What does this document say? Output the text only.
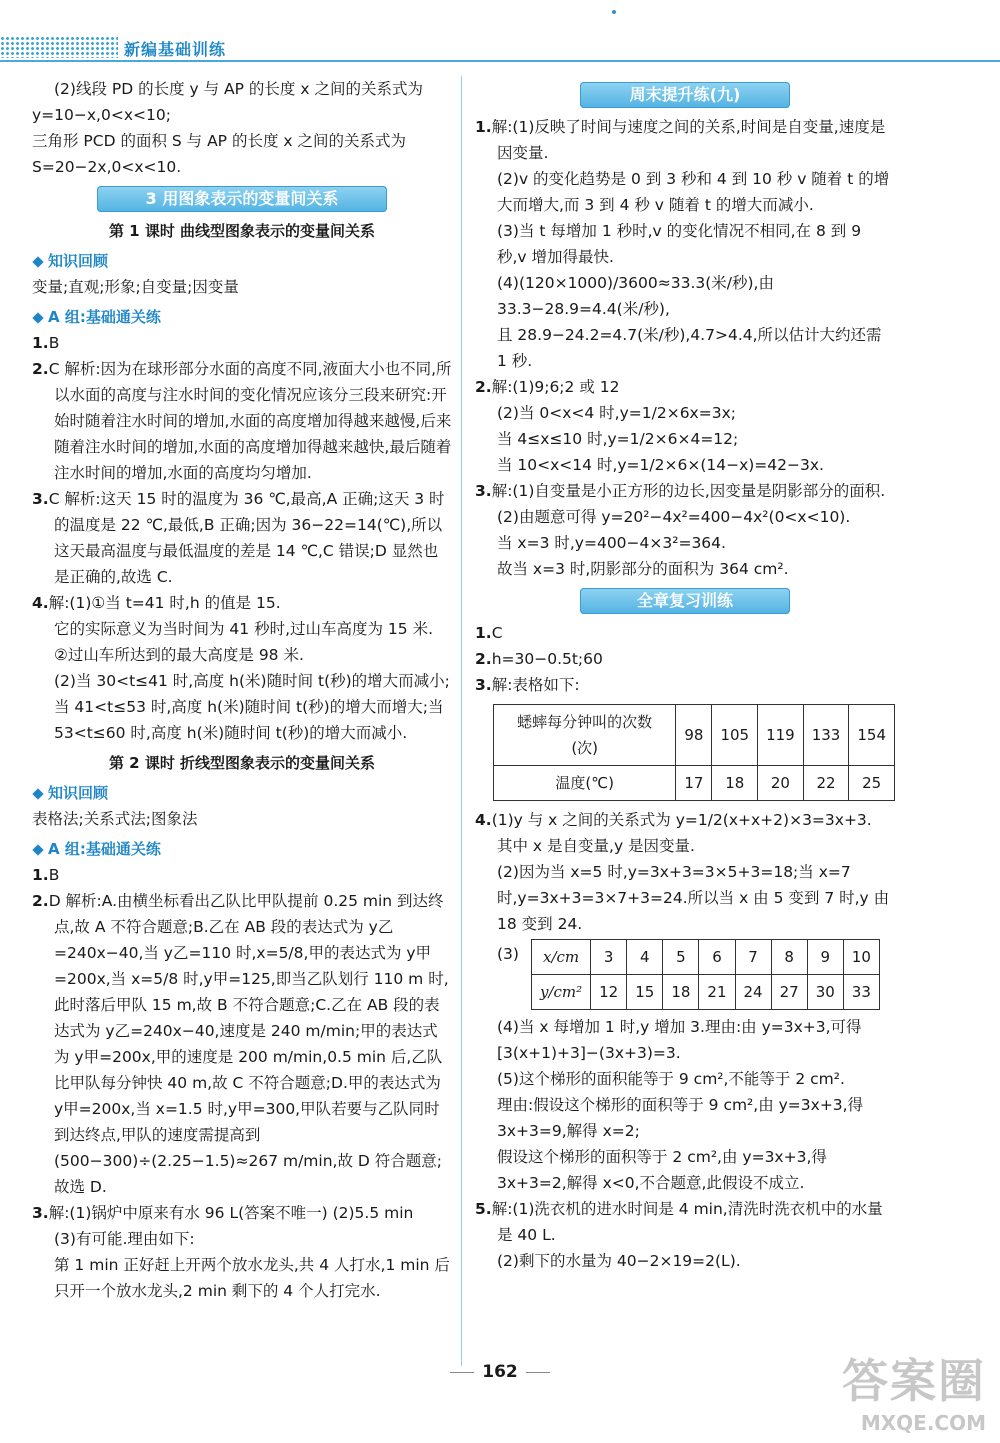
新编基础训练

(2)线段 PD 的长度 y 与 AP 的长度 x 之间的关系式为

y=10−x,0<x<10;

三角形 PCD 的面积 S 与 AP 的长度 x 之间的关系式为

S=20−2x,0<x<10.

3 用图象表示的变量间关系
第 1 课时 曲线型图象表示的变量间关系
知识回顾

变量;直观;形象;自变量;因变量

A 组:基础通关练

1.B

2.C 解析:因为在球形部分水面的高度不同,液面大小也不同,所以水面的高度与注水时间的变化情况应该分三段来研究:开始时随着注水时间的增加,水面的高度增加得越来越慢,后来随着注水时间的增加,水面的高度增加得越来越快,最后随着注水时间的增加,水面的高度均匀增加.

3.C 解析:这天 15 时的温度为 36 ℃,最高,A 正确;这天 3 时的温度是 22 ℃,最低,B 正确;因为 36−22=14(℃),所以这天最高温度与最低温度的差是 14 ℃,C 错误;D 显然也是正确的,故选 C.

4.解:(1)①当 t=41 时,h 的值是 15.

它的实际意义为当时间为 41 秒时,过山车高度为 15 米.

②过山车所达到的最大高度是 98 米.

(2)当 30<t≤41 时,高度 h(米)随时间 t(秒)的增大而减小;

当 41<t≤53 时,高度 h(米)随时间 t(秒)的增大而增大;当 53<t≤60 时,高度 h(米)随时间 t(秒)的增大而减小.

第 2 课时 折线型图象表示的变量间关系
知识回顾

表格法;关系式法;图象法

A 组:基础通关练

1.B

2.D 解析:A.由横坐标看出乙队比甲队提前 0.25 min 到达终点,故 A 不符合题意;B.乙在 AB 段的表达式为 y乙=240x−40,当 y乙=110 时,x=5/8,甲的表达式为 y甲=200x,当 x=5/8 时,y甲=125,即当乙队划行 110 m 时,此时落后甲队 15 m,故 B 不符合题意;C.乙在 AB 段的表达式为 y乙=240x−40,速度是 240 m/min;甲的表达式为 y甲=200x,甲的速度是 200 m/min,0.5 min 后,乙队比甲队每分钟快 40 m,故 C 不符合题意;D.甲的表达式为 y甲=200x,当 x=1.5 时,y甲=300,甲队若要与乙队同时到达终点,甲队的速度需提高到(500−300)÷(2.25−1.5)≈267 m/min,故 D 符合题意;故选 D.

3.解:(1)锅炉中原来有水 96 L(答案不唯一) (2)5.5 min

(3)有可能.理由如下:

第 1 min 正好赶上开两个放水龙头,共 4 人打水,1 min 后只开一个放水龙头,2 min 剩下的 4 个人打完水.

周末提升练(九)

1.解:(1)反映了时间与速度之间的关系,时间是自变量,速度是因变量.

(2)v 的变化趋势是 0 到 3 秒和 4 到 10 秒 v 随着 t 的增大而增大,而 3 到 4 秒 v 随着 t 的增大而减小.

(3)当 t 每增加 1 秒时,v 的变化情况不相同,在 8 到 9 秒,v 增加得最快.

(4)(120×1000)/3600≈33.3(米/秒),由 33.3−28.9=4.4(米/秒),

且 28.9−24.2=4.7(米/秒),4.7>4.4,所以估计大约还需 1 秒.

2.解:(1)9;6;2 或 12

(2)当 0<x<4 时,y=1/2×6x=3x;

当 4≤x≤10 时,y=1/2×6×4=12;

当 10<x<14 时,y=1/2×6×(14−x)=42−3x.

3.解:(1)自变量是小正方形的边长,因变量是阴影部分的面积.

(2)由题意可得 y=20²−4x²=400−4x²(0<x<10).

当 x=3 时,y=400−4×3²=364.

故当 x=3 时,阴影部分的面积为 364 cm².

全章复习训练

1.C

2.h=30−0.5t;60

3.解:表格如下:

蟋蟀每分钟叫的次数(次)	98	105	119	133	154
温度(℃)	17	18	20	22	25

4.(1)y 与 x 之间的关系式为 y=1/2(x+x+2)×3=3x+3.

其中 x 是自变量,y 是因变量.

(2)因为当 x=5 时,y=3x+3=3×5+3=18;当 x=7 时,y=3x+3=3×7+3=24.所以当 x 由 5 变到 7 时,y 由 18 变到 24.

(3) x/cm	3	4	5	6	7	8	9	10
y/cm²	12	15	18	21	24	27	30	33

(4)当 x 每增加 1 时,y 增加 3.理由:由 y=3x+3,可得 [3(x+1)+3]−(3x+3)=3.

(5)这个梯形的面积能等于 9 cm²,不能等于 2 cm².

理由:假设这个梯形的面积等于 9 cm²,由 y=3x+3,得 3x+3=9,解得 x=2;

假设这个梯形的面积等于 2 cm²,由 y=3x+3,得 3x+3=2,解得 x<0,不合题意,此假设不成立.

5.解:(1)洗衣机的进水时间是 4 min,清洗时洗衣机中的水量是 40 L.

(2)剩下的水量为 40−2×19=2(L).

162	答案圈
MXQE.COM
